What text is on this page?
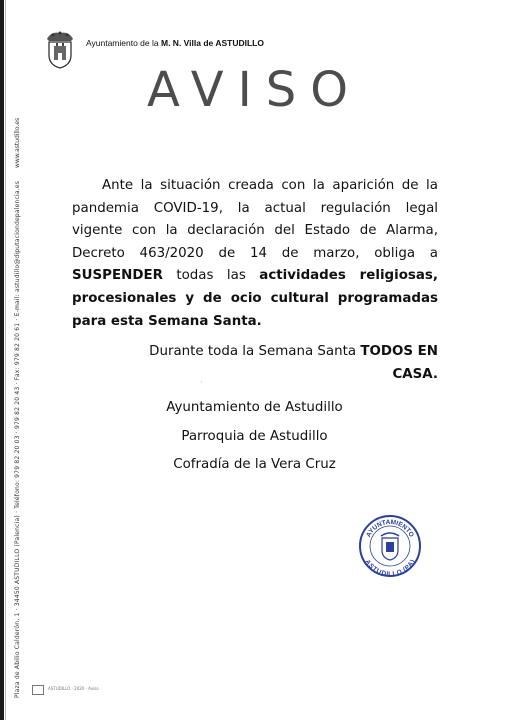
Plaza de Abilio Calderón, 1 · 34450 ASTUDILLO (Palencia) · Teléfono: 979 82 20 03 · 979 82 20 43 · Fax: 979 82 20 61 · E-mail: astudillo@diputaciondepalencia.es
www.astudillo.es
Ayuntamiento de la M. N. Villa de ASTUDILLO
AVISO

Ante la situación creada con la aparición de la pandemia COVID-19, la actual regulación legal vigente con la declaración del Estado de Alarma, Decreto 463/2020 de 14 de marzo, obliga a SUSPENDER todas las actividades religiosas, procesionales y de ocio cultural programadas para esta Semana Santa.

Durante toda la Semana Santa TODOS EN CASA.

·
Ayuntamiento de Astudillo
Parroquia de Astudillo
Cofradía de la Vera Cruz
AYUNTAMIENTO
ASTUDILLO (PA)
ASTUDILLO · 2020 · Aviso
